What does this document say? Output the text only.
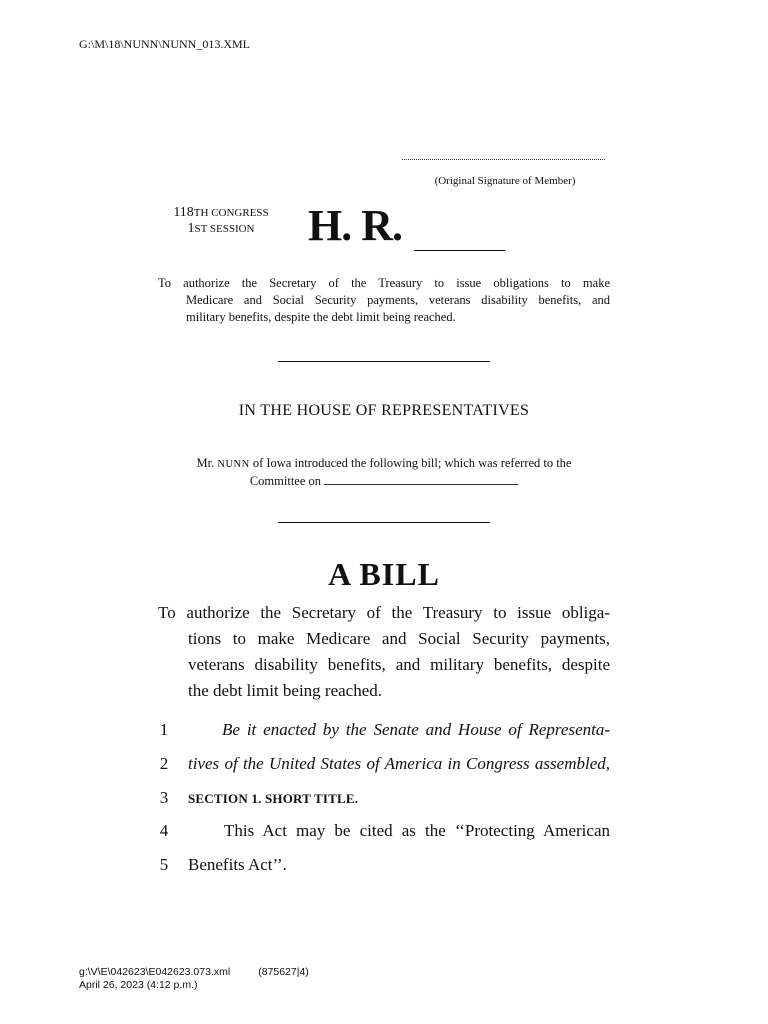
G:\M\18\NUNN\NUNN_013.XML
(Original Signature of Member)
118TH CONGRESS
1ST SESSION	H. R.
To authorize the Secretary of the Treasury to issue obligations to make
Medicare and Social Security payments, veterans disability benefits, and
military benefits, despite the debt limit being reached.
IN THE HOUSE OF REPRESENTATIVES
Mr. NUNN of Iowa introduced the following bill; which was referred to the
Committee on
A BILL
To authorize the Secretary of the Treasury to issue obliga-
tions to make Medicare and Social Security payments,
veterans disability benefits, and military benefits, despite
the debt limit being reached.
1	Be it enacted by the Senate and House of Representa-
2	tives of the United States of America in Congress assembled,
3	SECTION 1. SHORT TITLE.
4	This Act may be cited as the ‘‘Protecting American
5	Benefits Act’’.
g:\V\E\042623\E042623.073.xml	(875627|4)
April 26, 2023 (4:12 p.m.)
